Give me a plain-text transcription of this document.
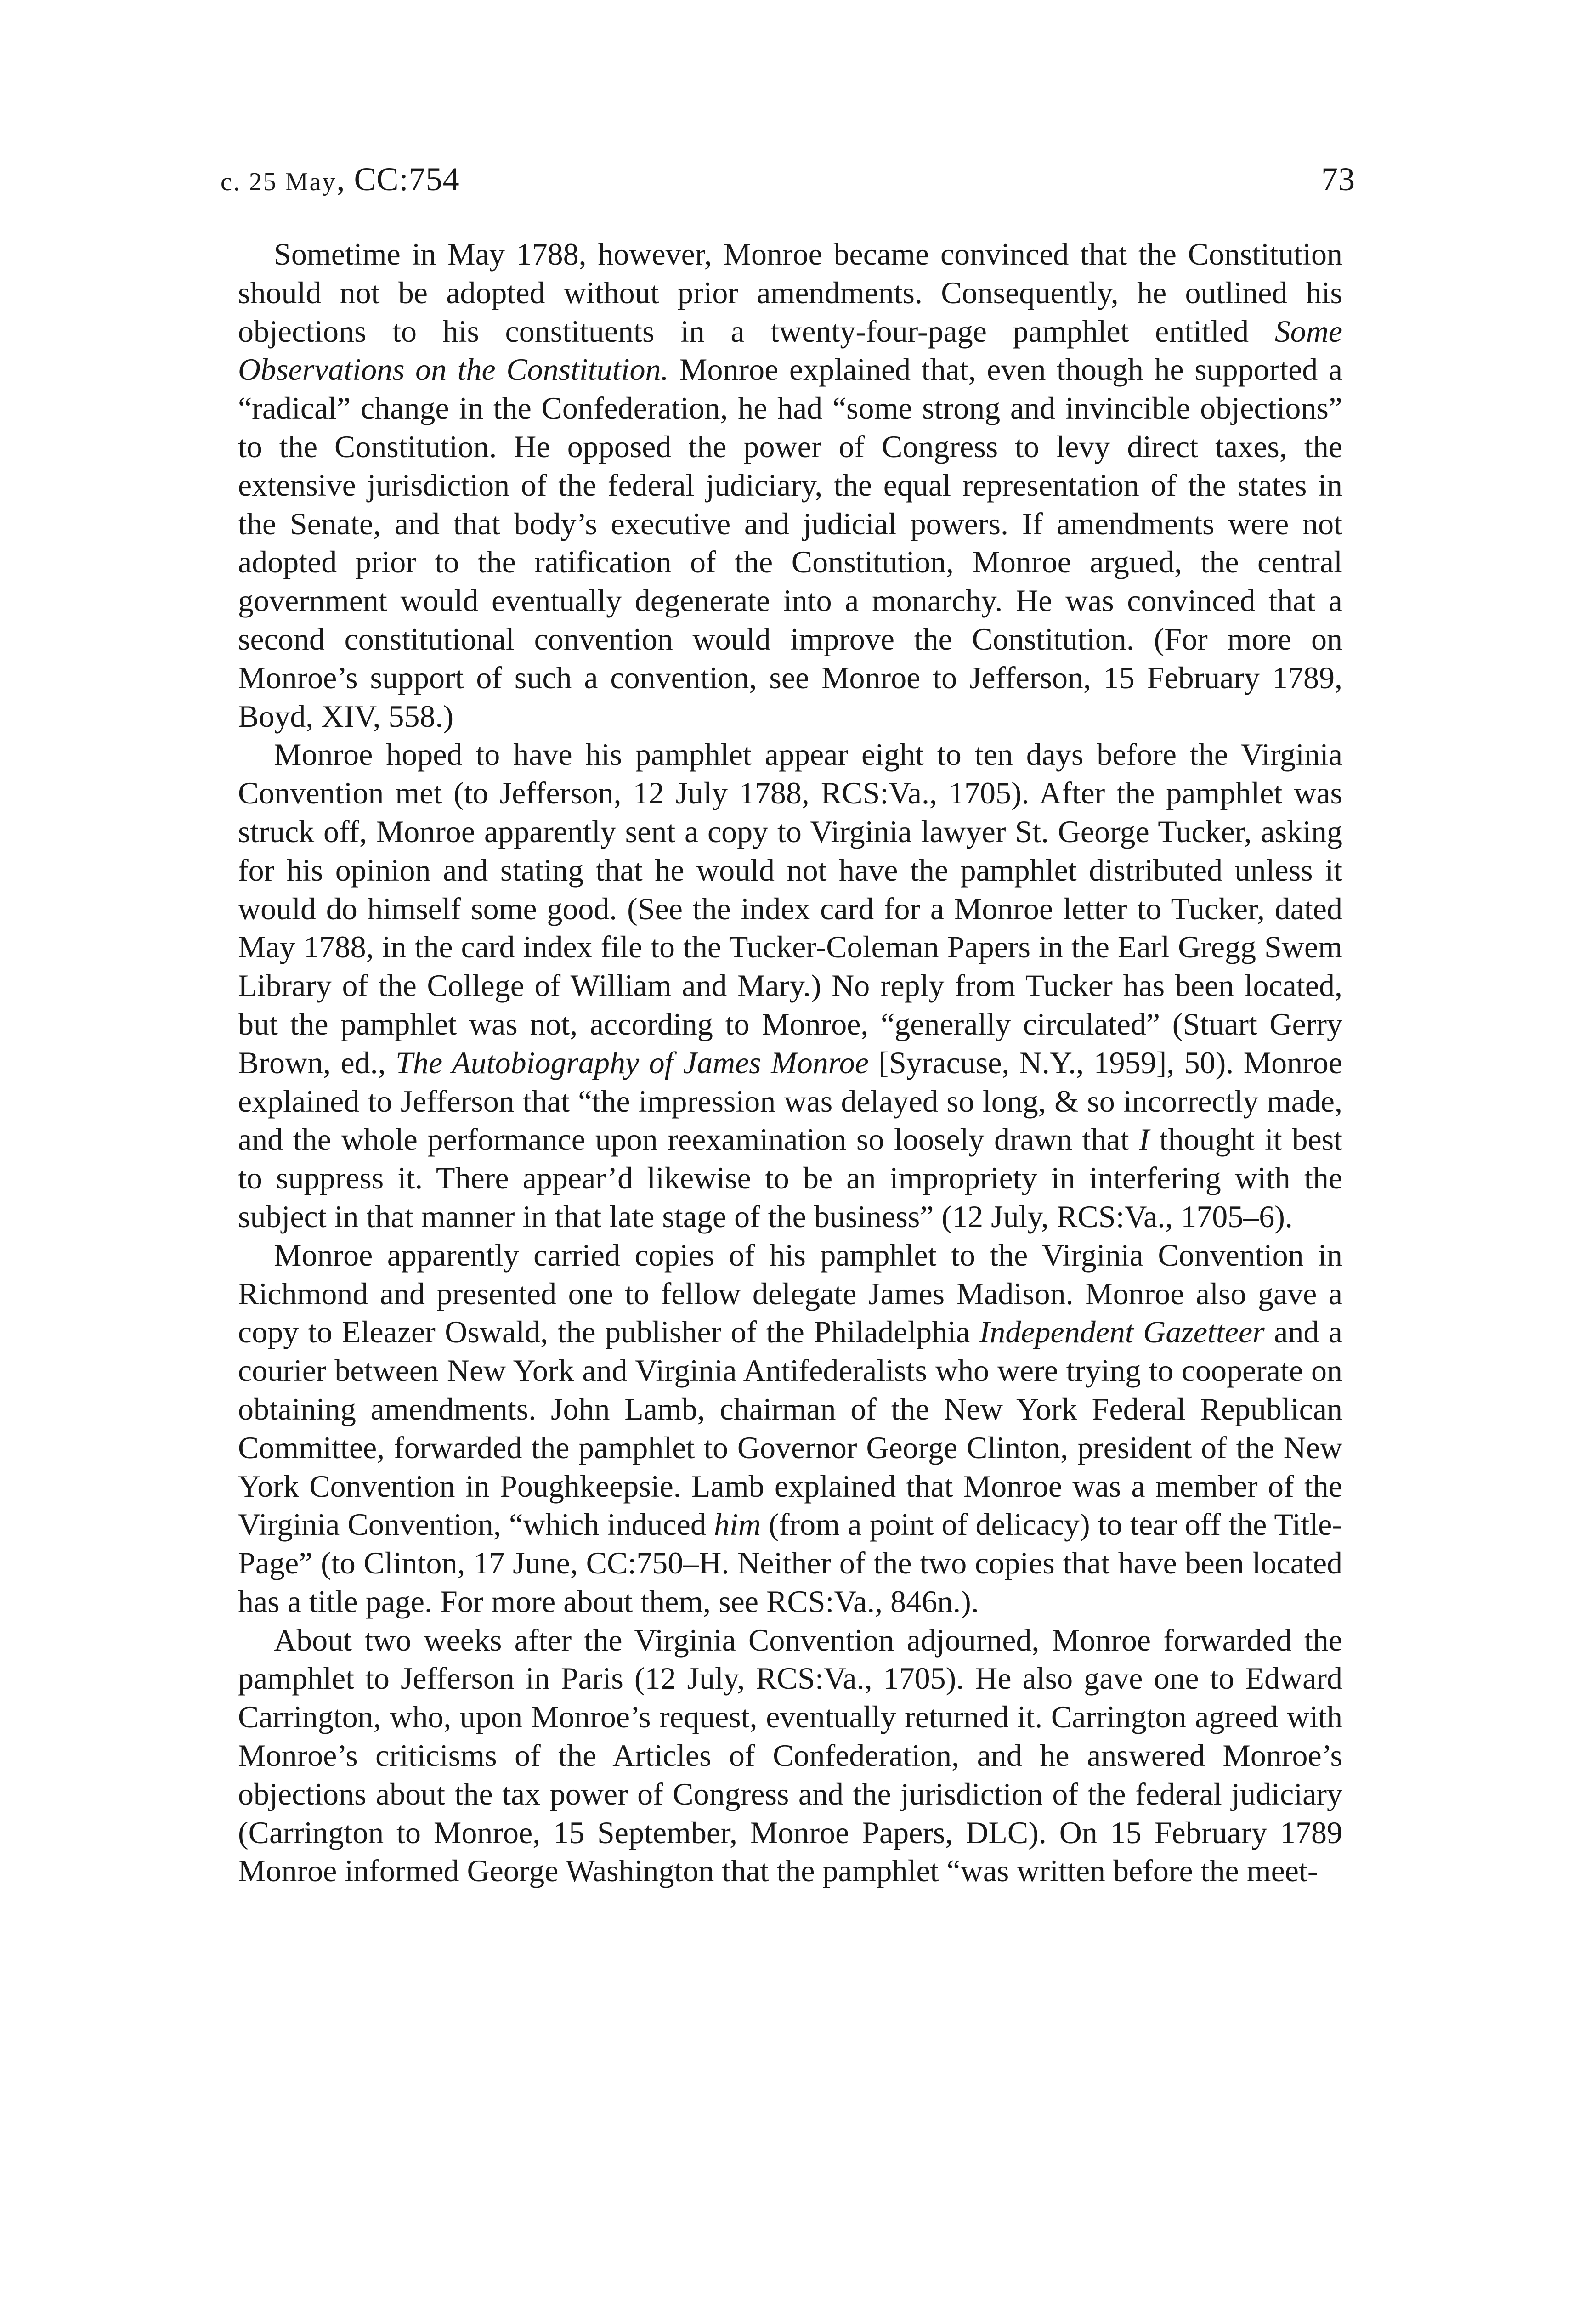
c. 25 May, CC:754	73

Sometime in May 1788, however, Monroe became convinced that the Constitution should not be adopted without prior amendments. Consequently, he outlined his objections to his constituents in a twenty-four-page pamphlet entitled Some Observations on the Constitution. Monroe explained that, even though he supported a “radical” change in the Confederation, he had “some strong and invincible objections” to the Constitution. He opposed the power of Congress to levy direct taxes, the extensive jurisdiction of the federal judiciary, the equal representation of the states in the Senate, and that body’s executive and judicial powers. If amendments were not adopted prior to the ratification of the Constitution, Monroe argued, the central government would eventually degenerate into a monarchy. He was convinced that a second constitutional convention would improve the Constitution. (For more on Monroe’s support of such a convention, see Monroe to Jefferson, 15 February 1789, Boyd, XIV, 558.)

Monroe hoped to have his pamphlet appear eight to ten days before the Virginia Convention met (to Jefferson, 12 July 1788, RCS:Va., 1705). After the pamphlet was struck off, Monroe apparently sent a copy to Virginia lawyer St. George Tucker, asking for his opinion and stating that he would not have the pamphlet distributed unless it would do himself some good. (See the index card for a Monroe letter to Tucker, dated May 1788, in the card index file to the Tucker-Coleman Papers in the Earl Gregg Swem Library of the College of William and Mary.) No reply from Tucker has been located, but the pamphlet was not, according to Monroe, “generally circulated” (Stuart Gerry Brown, ed., The Autobiography of James Monroe [Syracuse, N.Y., 1959], 50). Monroe explained to Jefferson that “the impression was delayed so long, & so incorrectly made, and the whole performance upon reexamination so loosely drawn that I thought it best to suppress it. There appear’d likewise to be an impropriety in interfering with the subject in that manner in that late stage of the business” (12 July, RCS:Va., 1705–6).

Monroe apparently carried copies of his pamphlet to the Virginia Convention in Richmond and presented one to fellow delegate James Madison. Monroe also gave a copy to Eleazer Oswald, the publisher of the Philadelphia Independent Gazetteer and a courier between New York and Virginia Antifederalists who were trying to cooperate on obtaining amendments. John Lamb, chairman of the New York Federal Republican Committee, forwarded the pamphlet to Governor George Clinton, president of the New York Convention in Poughkeepsie. Lamb explained that Monroe was a member of the Virginia Convention, “which induced him (from a point of delicacy) to tear off the Title-Page” (to Clinton, 17 June, CC:750–H. Neither of the two copies that have been located has a title page. For more about them, see RCS:Va., 846n.).

About two weeks after the Virginia Convention adjourned, Monroe forwarded the pamphlet to Jefferson in Paris (12 July, RCS:Va., 1705). He also gave one to Edward Carrington, who, upon Monroe’s request, eventually returned it. Carrington agreed with Monroe’s criticisms of the Articles of Confederation, and he answered Monroe’s objections about the tax power of Congress and the jurisdiction of the federal judiciary (Carrington to Monroe, 15 September, Monroe Papers, DLC). On 15 February 1789 Monroe informed George Washington that the pamphlet “was written before the meet-
